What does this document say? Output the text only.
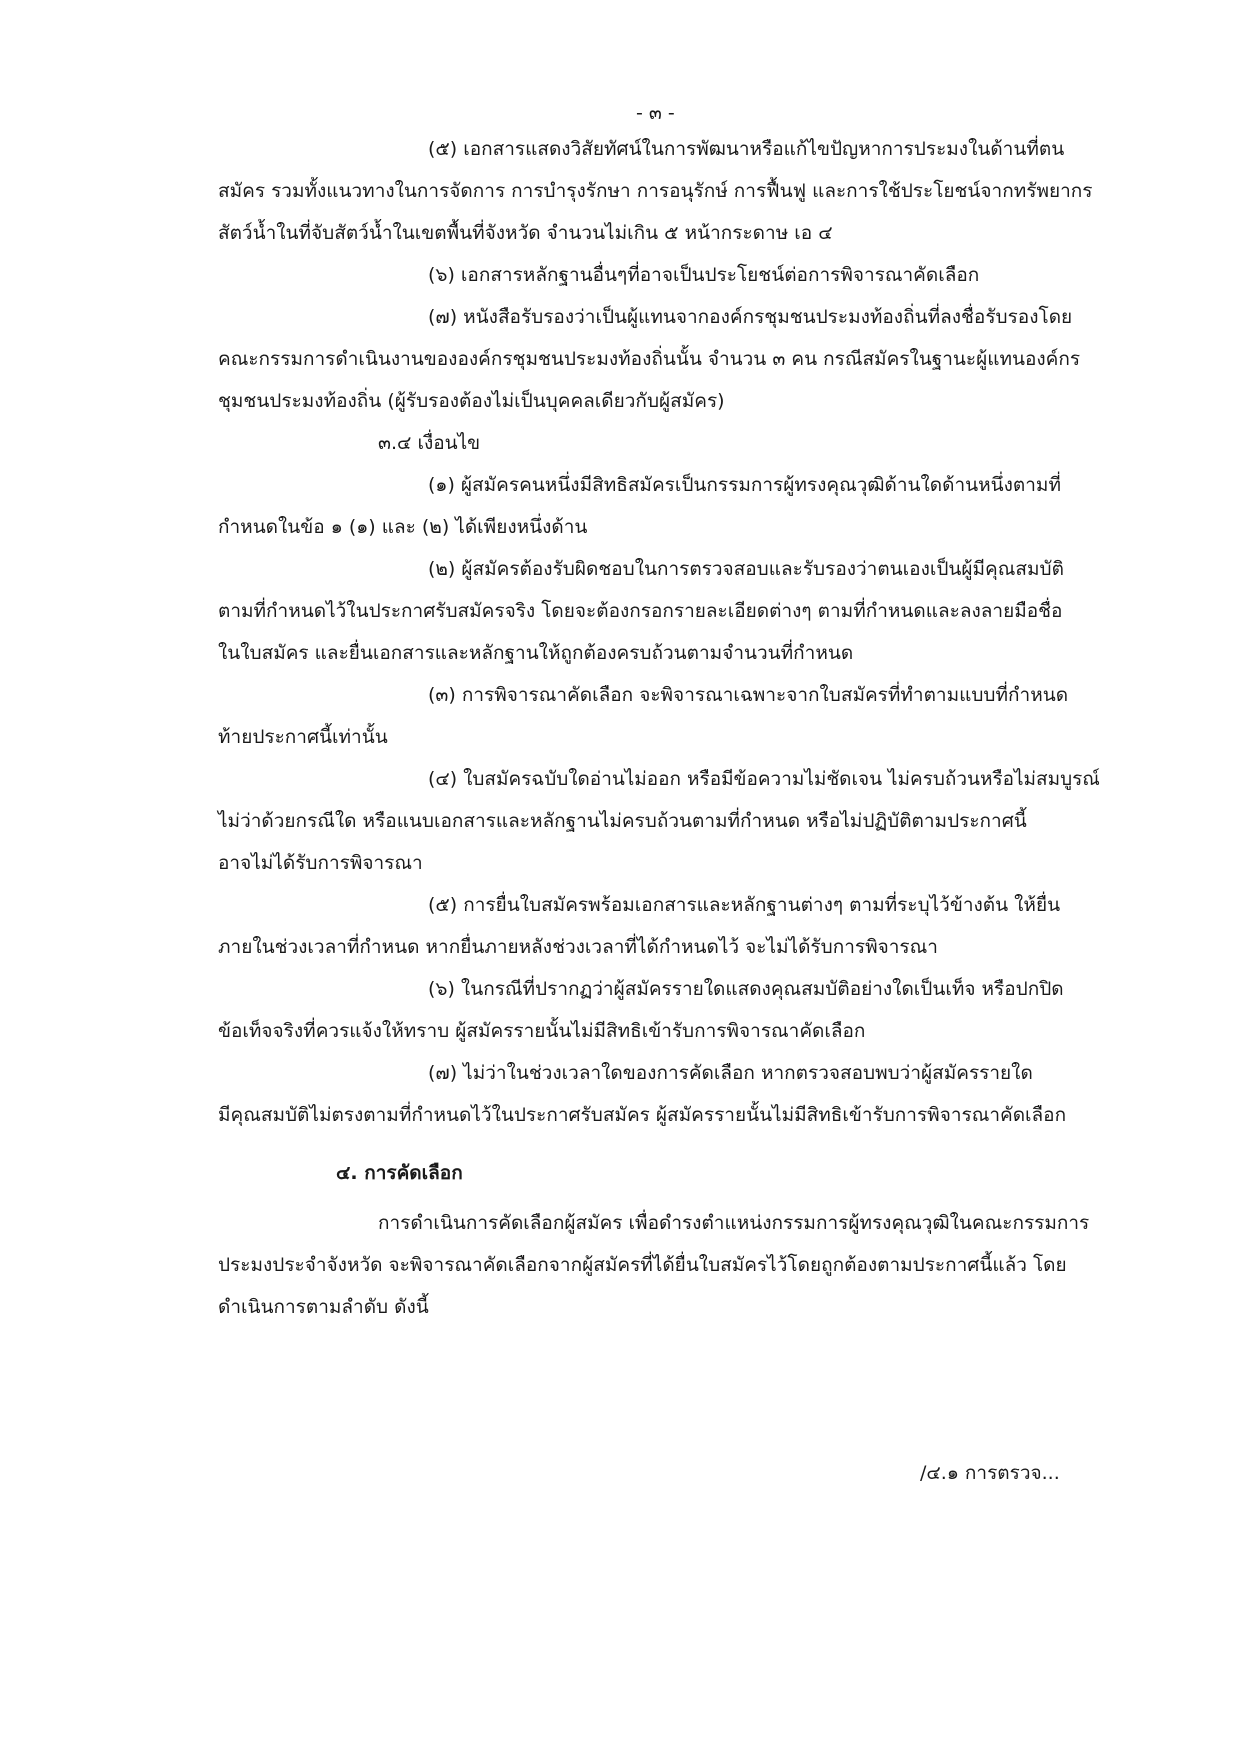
- ๓ -
(๕) เอกสารแสดงวิสัยทัศน์ในการพัฒนาหรือแก้ไขปัญหาการประมงในด้านที่ตน
สมัคร รวมทั้งแนวทางในการจัดการ การบำรุงรักษา การอนุรักษ์ การฟื้นฟู และการใช้ประโยชน์จากทรัพยากร
สัตว์น้ำในที่จับสัตว์น้ำในเขตพื้นที่จังหวัด จำนวนไม่เกิน ๕ หน้ากระดาษ เอ ๔
(๖) เอกสารหลักฐานอื่นๆที่อาจเป็นประโยชน์ต่อการพิจารณาคัดเลือก
(๗) หนังสือรับรองว่าเป็นผู้แทนจากองค์กรชุมชนประมงท้องถิ่นที่ลงชื่อรับรองโดย
คณะกรรมการดำเนินงานขององค์กรชุมชนประมงท้องถิ่นนั้น จำนวน ๓ คน กรณีสมัครในฐานะผู้แทนองค์กร
ชุมชนประมงท้องถิ่น (ผู้รับรองต้องไม่เป็นบุคคลเดียวกับผู้สมัคร)
๓.๔ เงื่อนไข
(๑) ผู้สมัครคนหนึ่งมีสิทธิสมัครเป็นกรรมการผู้ทรงคุณวุฒิด้านใดด้านหนึ่งตามที่
กำหนดในข้อ ๑ (๑) และ (๒) ได้เพียงหนึ่งด้าน
(๒) ผู้สมัครต้องรับผิดชอบในการตรวจสอบและรับรองว่าตนเองเป็นผู้มีคุณสมบัติ
ตามที่กำหนดไว้ในประกาศรับสมัครจริง โดยจะต้องกรอกรายละเอียดต่างๆ ตามที่กำหนดและลงลายมือชื่อ
ในใบสมัคร และยื่นเอกสารและหลักฐานให้ถูกต้องครบถ้วนตามจำนวนที่กำหนด
(๓) การพิจารณาคัดเลือก จะพิจารณาเฉพาะจากใบสมัครที่ทำตามแบบที่กำหนด
ท้ายประกาศนี้เท่านั้น
(๔) ใบสมัครฉบับใดอ่านไม่ออก หรือมีข้อความไม่ชัดเจน ไม่ครบถ้วนหรือไม่สมบูรณ์
ไม่ว่าด้วยกรณีใด หรือแนบเอกสารและหลักฐานไม่ครบถ้วนตามที่กำหนด หรือไม่ปฏิบัติตามประกาศนี้
อาจไม่ได้รับการพิจารณา
(๕) การยื่นใบสมัครพร้อมเอกสารและหลักฐานต่างๆ ตามที่ระบุไว้ข้างต้น ให้ยื่น
ภายในช่วงเวลาที่กำหนด หากยื่นภายหลังช่วงเวลาที่ได้กำหนดไว้ จะไม่ได้รับการพิจารณา
(๖) ในกรณีที่ปรากฏว่าผู้สมัครรายใดแสดงคุณสมบัติอย่างใดเป็นเท็จ หรือปกปิด
ข้อเท็จจริงที่ควรแจ้งให้ทราบ ผู้สมัครรายนั้นไม่มีสิทธิเข้ารับการพิจารณาคัดเลือก
(๗) ไม่ว่าในช่วงเวลาใดของการคัดเลือก หากตรวจสอบพบว่าผู้สมัครรายใด
มีคุณสมบัติไม่ตรงตามที่กำหนดไว้ในประกาศรับสมัคร ผู้สมัครรายนั้นไม่มีสิทธิเข้ารับการพิจารณาคัดเลือก
๔. การคัดเลือก
การดำเนินการคัดเลือกผู้สมัคร เพื่อดำรงตำแหน่งกรรมการผู้ทรงคุณวุฒิในคณะกรรมการ
ประมงประจำจังหวัด จะพิจารณาคัดเลือกจากผู้สมัครที่ได้ยื่นใบสมัครไว้โดยถูกต้องตามประกาศนี้แล้ว โดย
ดำเนินการตามลำดับ ดังนี้
/๔.๑ การตรวจ...
